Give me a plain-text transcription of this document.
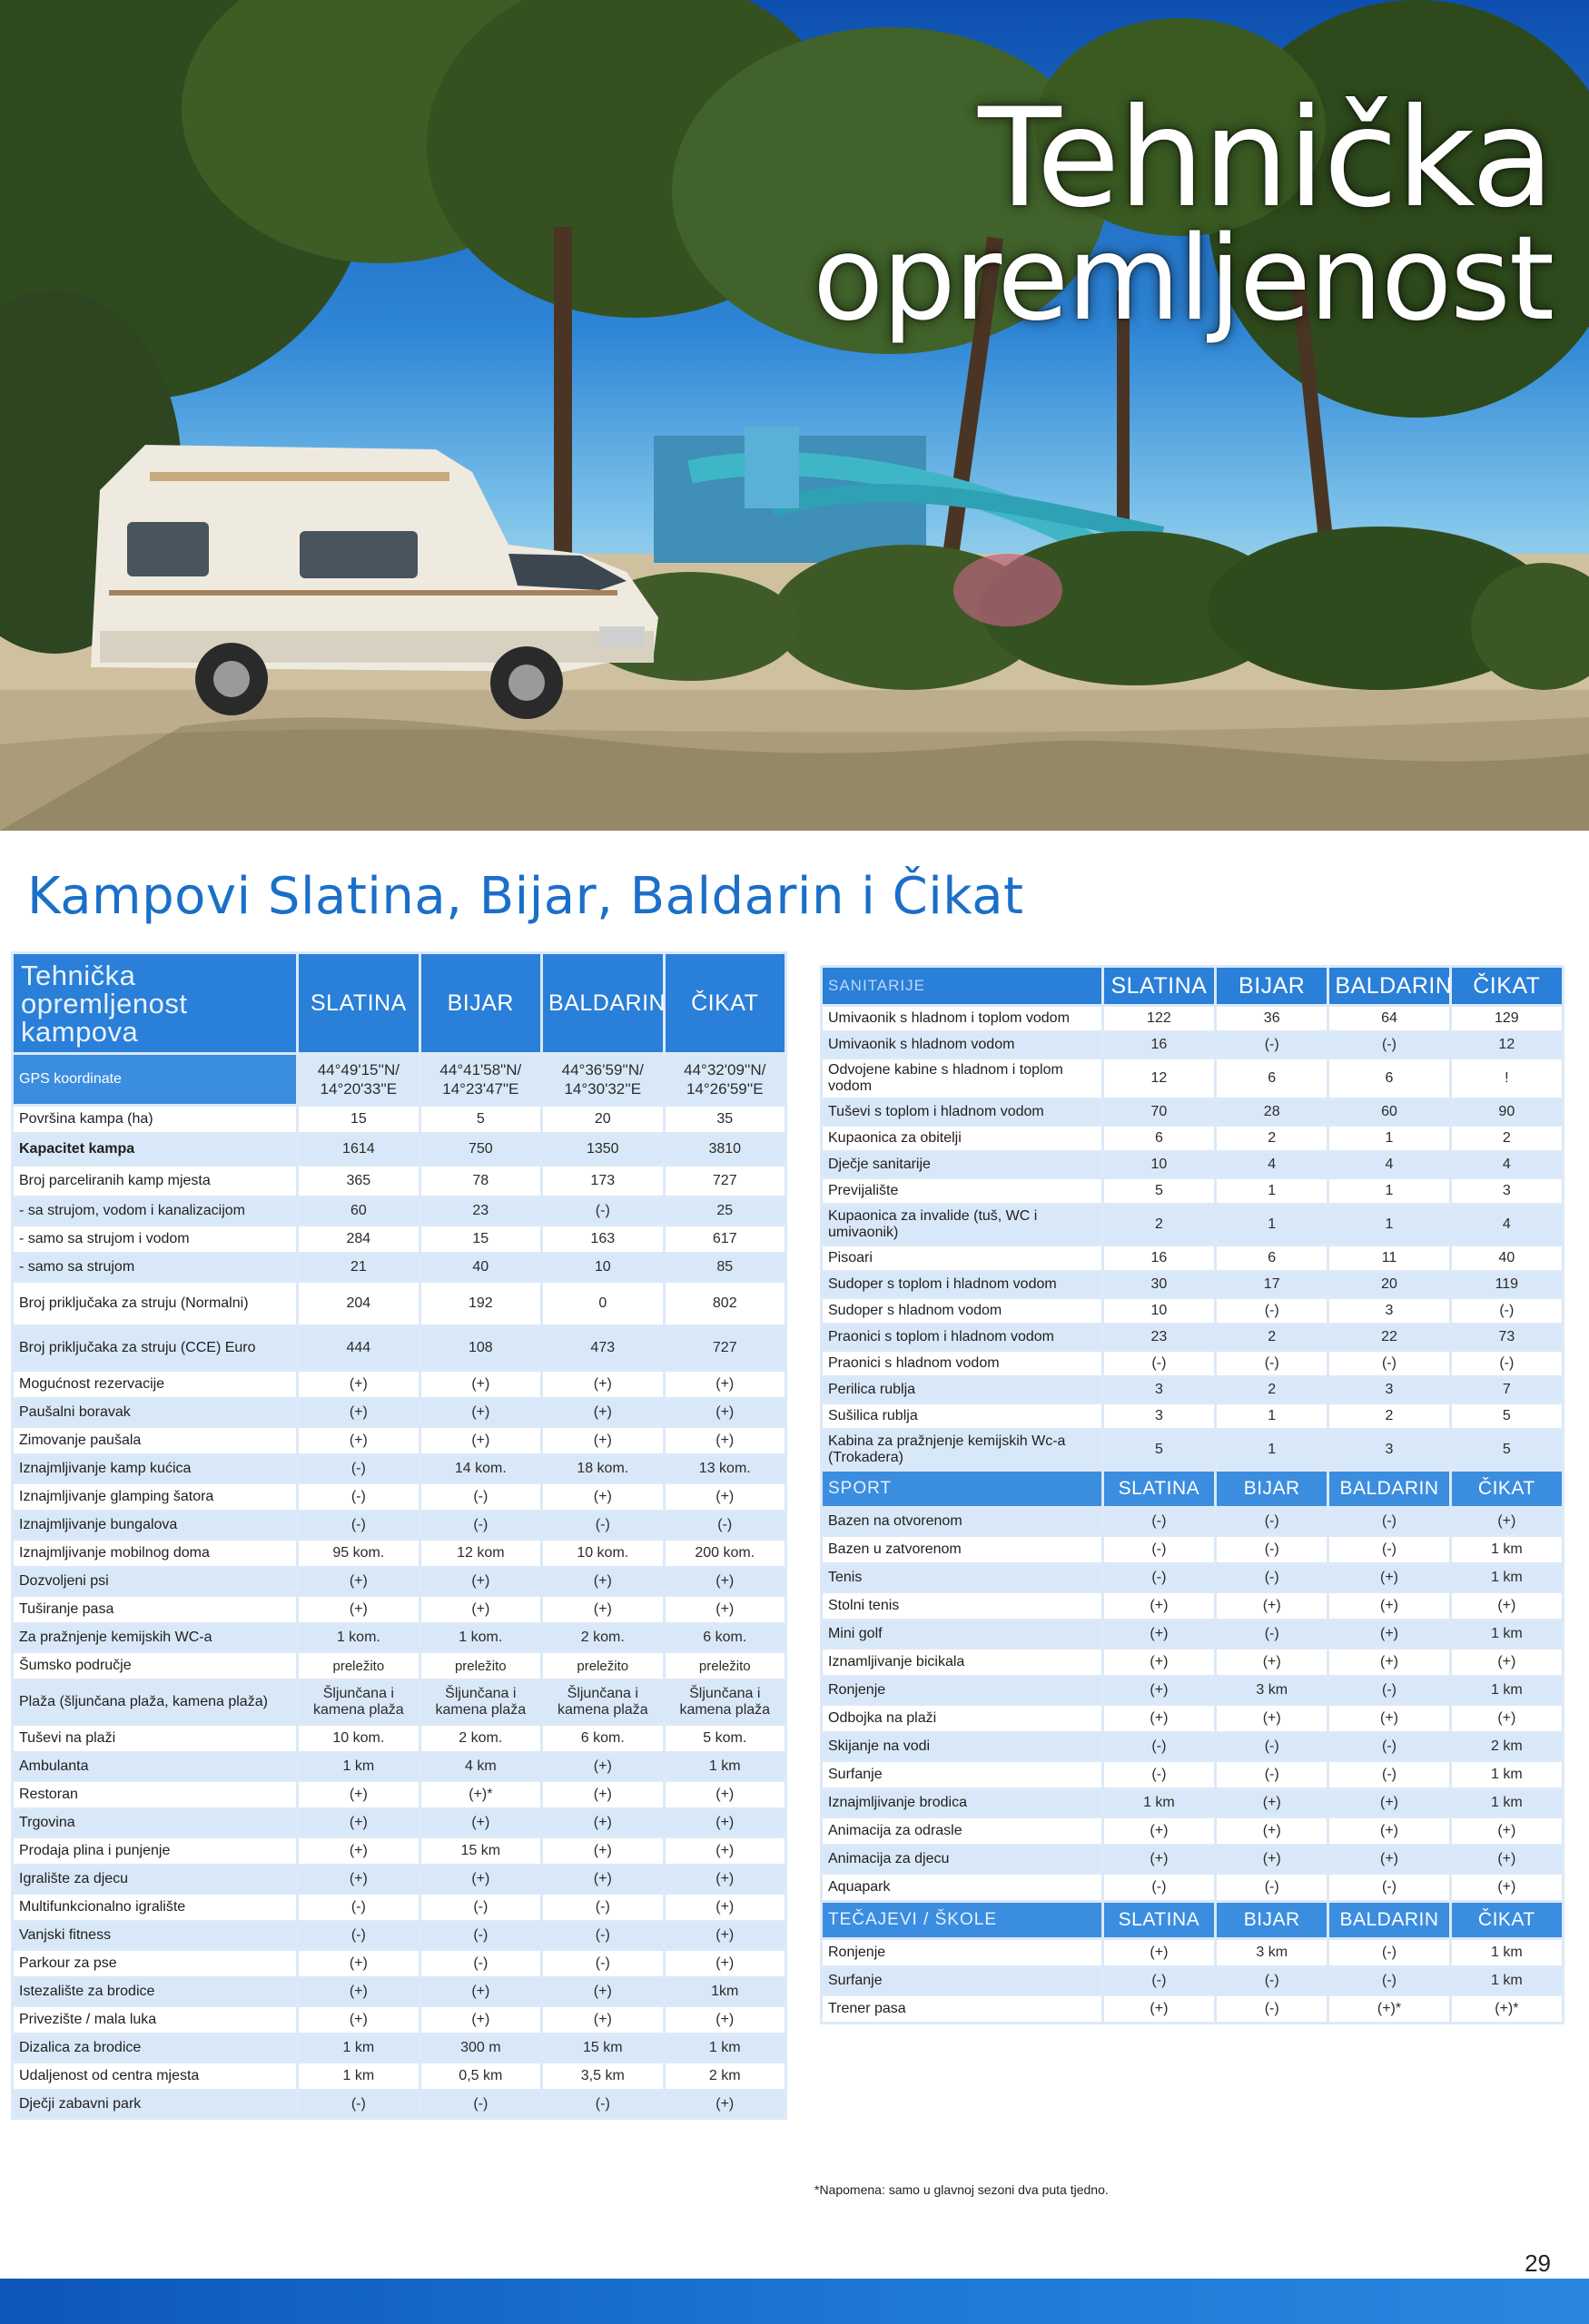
Tehnička
opremljenost
Kampovi Slatina, Bijar, Baldarin i Čikat
Tehnička opremljenost kampova	SLATINA	BIJAR	BALDARIN	ČIKAT
GPS koordinate	44°49'15''N/ 14°20'33''E	44°41'58"N/ 14°23'47"E	44°36'59''N/ 14°30'32''E	44°32'09''N/ 14°26'59''E
Površina kampa (ha)	15	5	20	35
Kapacitet kampa	1614	750	1350	3810
Broj parceliranih kamp mjesta	365	78	173	727
- sa strujom, vodom i kanalizacijom	60	23	(-)	25
- samo sa strujom i vodom	284	15	163	617
- samo sa strujom	21	40	10	85
Broj priključaka za struju (Normalni)	204	192	0	802
Broj priključaka za struju (CCE) Euro	444	108	473	727
Mogućnost rezervacije	(+)	(+)	(+)	(+)
Paušalni boravak	(+)	(+)	(+)	(+)
Zimovanje paušala	(+)	(+)	(+)	(+)
Iznajmljivanje kamp kućica	(-)	14 kom.	18 kom.	13 kom.
Iznajmljivanje glamping šatora	(-)	(-)	(+)	(+)
Iznajmljivanje bungalova	(-)	(-)	(-)	(-)
Iznajmljivanje mobilnog doma	95 kom.	12 kom	10 kom.	200 kom.
Dozvoljeni psi	(+)	(+)	(+)	(+)
Tuširanje pasa	(+)	(+)	(+)	(+)
Za pražnjenje kemijskih WC-a	1 kom.	1 kom.	2 kom.	6 kom.
Šumsko područje	preležito	preležito	preležito	preležito
Plaža (šljunčana plaža, kamena plaža)	Šljunčana i kamena plaža	Šljunčana i kamena plaža	Šljunčana i kamena plaža	Šljunčana i kamena plaža
Tuševi na plaži	10 kom.	2 kom.	6 kom.	5 kom.
Ambulanta	1 km	4 km	(+)	1 km
Restoran	(+)	(+)*	(+)	(+)
Trgovina	(+)	(+)	(+)	(+)
Prodaja plina i punjenje	(+)	15 km	(+)	(+)
Igralište za djecu	(+)	(+)	(+)	(+)
Multifunkcionalno igralište	(-)	(-)	(-)	(+)
Vanjski fitness	(-)	(-)	(-)	(+)
Parkour za pse	(+)	(-)	(-)	(+)
Istezalište za brodice	(+)	(+)	(+)	1km
Privezište / mala luka	(+)	(+)	(+)	(+)
Dizalica za brodice	1 km	300 m	15 km	1 km
Udaljenost od centra mjesta	1 km	0,5 km	3,5 km	2 km
Dječji zabavni park	(-)	(-)	(-)	(+)
SANITARIJE	SLATINA	BIJAR	BALDARIN	ČIKAT
Umivaonik s hladnom i toplom vodom	122	36	64	129
Umivaonik s hladnom vodom	16	(-)	(-)	12
Odvojene kabine s hladnom i toplom vodom	12	6	6	!
Tuševi s toplom i hladnom vodom	70	28	60	90
Kupaonica za obitelji	6	2	1	2
Dječje sanitarije	10	4	4	4
Previjalište	5	1	1	3
Kupaonica za invalide (tuš, WC i umivaonik)	2	1	1	4
Pisoari	16	6	11	40
Sudoper s toplom i hladnom vodom	30	17	20	119
Sudoper s hladnom vodom	10	(-)	3	(-)
Praonici s toplom i hladnom vodom	23	2	22	73
Praonici s hladnom vodom	(-)	(-)	(-)	(-)
Perilica rublja	3	2	3	7
Sušilica rublja	3	1	2	5
Kabina za pražnjenje kemijskih Wc-a (Trokadera)	5	1	3	5
SPORT	SLATINA	BIJAR	BALDARIN	ČIKAT
Bazen na otvorenom	(-)	(-)	(-)	(+)
Bazen u zatvorenom	(-)	(-)	(-)	1 km
Tenis	(-)	(-)	(+)	1 km
Stolni tenis	(+)	(+)	(+)	(+)
Mini golf	(+)	(-)	(+)	1 km
Iznamljivanje bicikala	(+)	(+)	(+)	(+)
Ronjenje	(+)	3 km	(-)	1 km
Odbojka na plaži	(+)	(+)	(+)	(+)
Skijanje na vodi	(-)	(-)	(-)	2 km
Surfanje	(-)	(-)	(-)	1 km
Iznajmljivanje brodica	1 km	(+)	(+)	1 km
Animacija za odrasle	(+)	(+)	(+)	(+)
Animacija za djecu	(+)	(+)	(+)	(+)
Aquapark	(-)	(-)	(-)	(+)
TEČAJEVI / ŠKOLE	SLATINA	BIJAR	BALDARIN	ČIKAT
Ronjenje	(+)	3 km	(-)	1 km
Surfanje	(-)	(-)	(-)	1 km
Trener pasa	(+)	(-)	(+)*	(+)*
*Napomena: samo u glavnoj sezoni dva puta tjedno.
29
